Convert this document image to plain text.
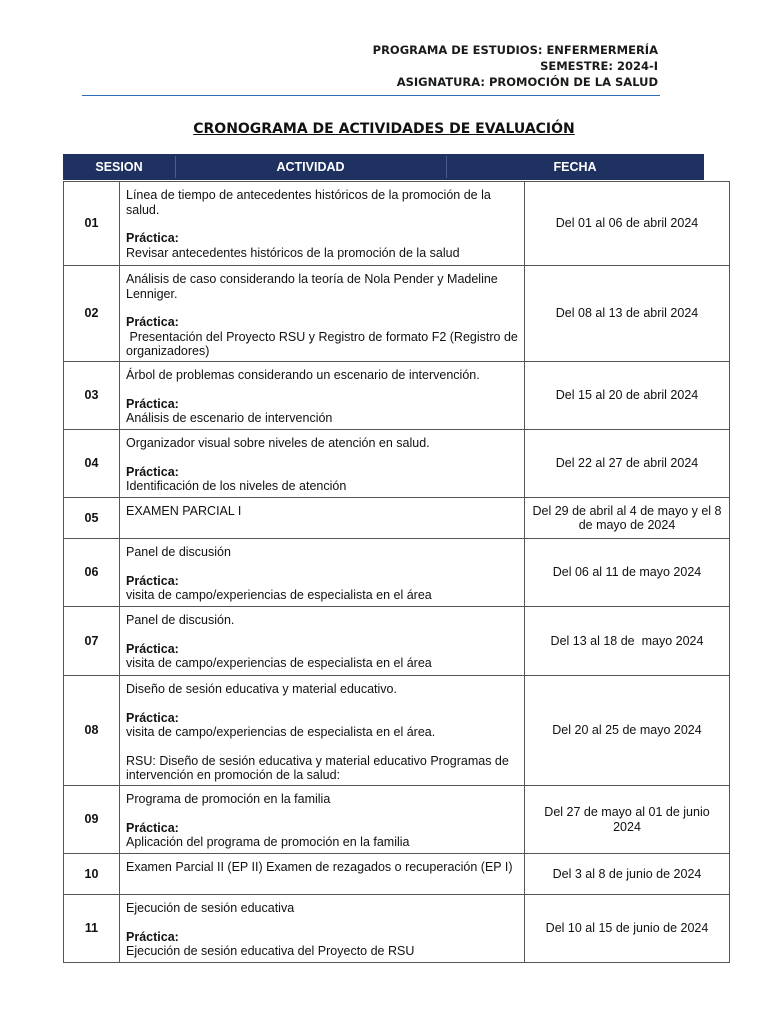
PROGRAMA DE ESTUDIOS: ENFERMERMERÍA
SEMESTRE: 2024-I
ASIGNATURA: PROMOCIÓN DE LA SALUD
CRONOGRAMA DE ACTIVIDADES DE EVALUACIÓN
SESION	ACTIVIDAD	FECHA
01	Línea de tiempo de antecedentes históricos de la promoción de la salud.
Práctica:
Revisar antecedentes históricos de la promoción de la salud	Del 01 al 06 de abril 2024
02	Análisis de caso considerando la teoría de Nola Pender y Madeline Lenniger.
Práctica:
Presentación del Proyecto RSU y Registro de formato F2 (Registro de organizadores)	Del 08 al 13 de abril 2024
03	Árbol de problemas considerando un escenario de intervención.
Práctica:
Análisis de escenario de intervención	Del 15 al 20 de abril 2024
04	Organizador visual sobre niveles de atención en salud.
Práctica:
Identificación de los niveles de atención	Del 22 al 27 de abril 2024
05	EXAMEN PARCIAL I	Del 29 de abril al 4 de mayo y el 8 de mayo de 2024
06	Panel de discusión
Práctica:
visita de campo/experiencias de especialista en el área	Del 06 al 11 de mayo 2024
07	Panel de discusión.
Práctica:
visita de campo/experiencias de especialista en el área	Del 13 al 18 de  mayo 2024
08	Diseño de sesión educativa y material educativo.
Práctica:
visita de campo/experiencias de especialista en el área.
RSU: Diseño de sesión educativa y material educativo Programas de intervención en promoción de la salud:	Del 20 al 25 de mayo 2024
09	Programa de promoción en la familia
Práctica:
Aplicación del programa de promoción en la familia	Del 27 de mayo al 01 de junio 2024
10	Examen Parcial II (EP II) Examen de rezagados o recuperación (EP I)	Del 3 al 8 de junio de 2024
11	Ejecución de sesión educativa
Práctica:
Ejecución de sesión educativa del Proyecto de RSU	Del 10 al 15 de junio de 2024
